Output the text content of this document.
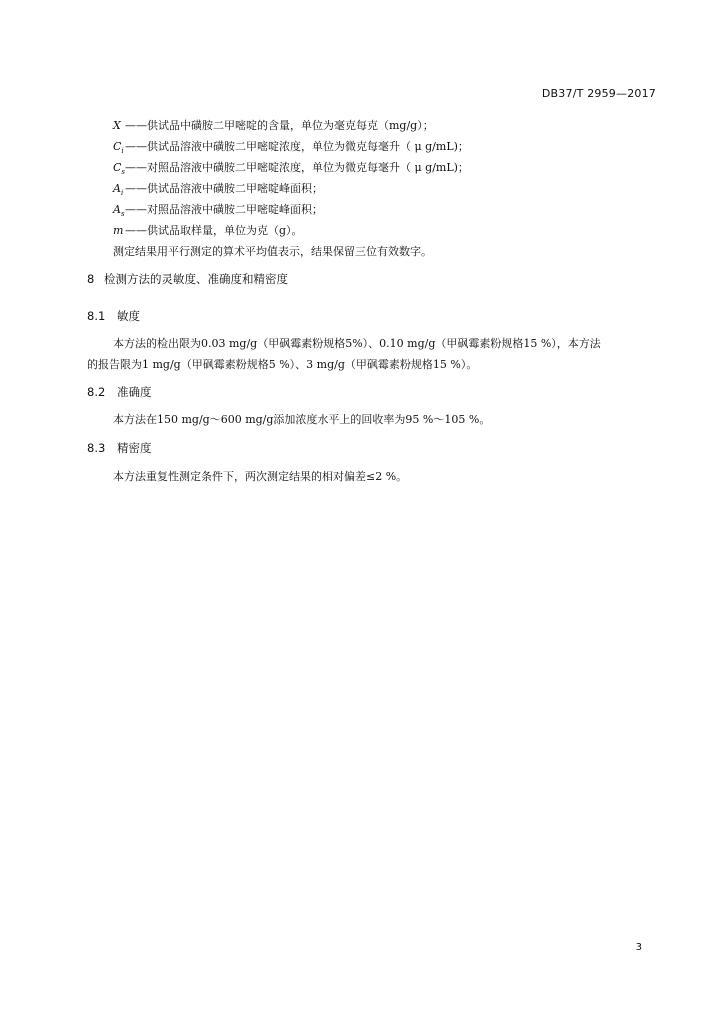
DB37/T 2959—2017
X ——供试品中磺胺二甲嘧啶的含量，单位为毫克每克（mg/g）；
$C_i——$供试品溶液中磺胺二甲嘧啶浓度，单位为微克每毫升（ μ g/mL)；
$C_s——$对照品溶液中磺胺二甲嘧啶浓度，单位为微克每毫升（ μ g/mL)；
$A_i$ ——供试品溶液中磺胺二甲嘧啶峰面积；
$A_s——$对照品溶液中磺胺二甲嘧啶峰面积；
m ——供试品取样量，单位为克（g）。
测定结果用平行测定的算术平均值表示，结果保留三位有效数字。
8 检测方法的灵敏度、准确度和精密度
8.1 敏度
本方法的检出限为0.03 mg/g（甲砜霉素粉规格5%）、0.10 mg/g（甲砜霉素粉规格15 %），本方法
的报告限为1 mg/g（甲砜霉素粉规格5 %）、3 mg/g（甲砜霉素粉规格15 %）。
8.2 准确度
本方法在150 mg/g～600 mg/g添加浓度水平上的回收率为95 %～105 %。
8.3 精密度
本方法重复性测定条件下，两次测定结果的相对偏差≤2 %。
3
